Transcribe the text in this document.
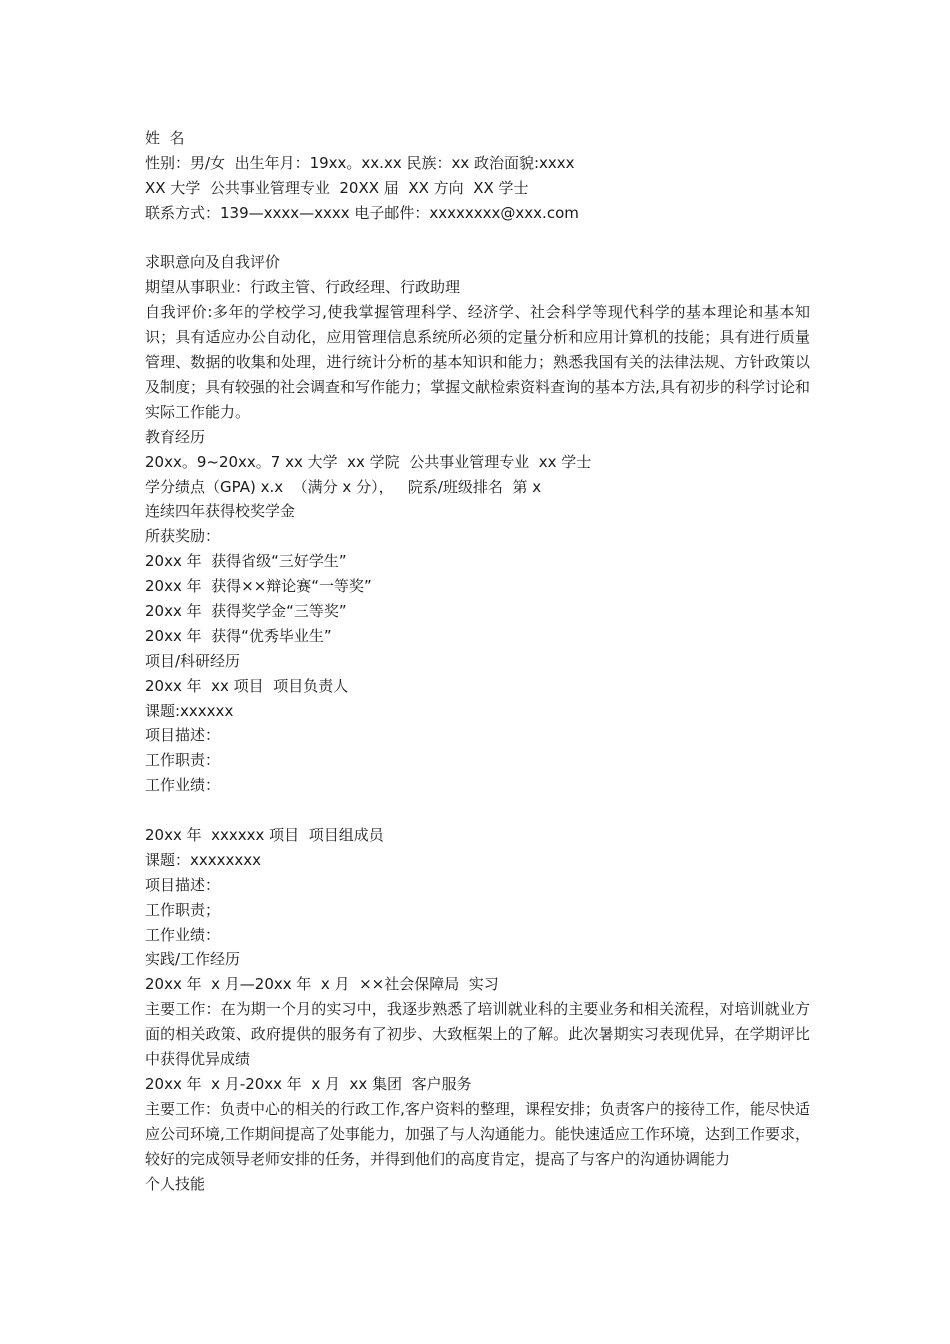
姓  名
性别：男/女  出生年月：19xx。xx.xx 民族：xx 政治面貌:xxxx
XX 大学  公共事业管理专业  20XX 届  XX 方向  XX 学士
联系方式：139—xxxx—xxxx 电子邮件：xxxxxxxx@xxx.com
求职意向及自我评价
期望从事职业：行政主管、行政经理、行政助理
自我评价:多年的学校学习,使我掌握管理科学、经济学、社会科学等现代科学的基本理论和基本知识；具有适应办公自动化，应用管理信息系统所必须的定量分析和应用计算机的技能；具有进行质量管理、数据的收集和处理，进行统计分析的基本知识和能力；熟悉我国有关的法律法规、方针政策以及制度；具有较强的社会调查和写作能力；掌握文献检索资料查询的基本方法,具有初步的科学讨论和实际工作能力。
教育经历
20xx。9~20xx。7 xx 大学  xx 学院  公共事业管理专业  xx 学士
学分绩点（GPA) x.x  （满分 x 分），   院系/班级排名  第 x
连续四年获得校奖学金
所获奖励：
20xx 年  获得省级“三好学生”
20xx 年  获得××辩论赛“一等奖”
20xx 年  获得奖学金“三等奖”
20xx 年  获得“优秀毕业生”
项目/科研经历
20xx 年  xx 项目  项目负责人
课题:xxxxxx
项目描述：
工作职责：
工作业绩：
20xx 年  xxxxxx 项目  项目组成员
课题：xxxxxxxx
项目描述：
工作职责；
工作业绩：
实践/工作经历
20xx 年  x 月—20xx 年  x 月  ××社会保障局  实习
主要工作：在为期一个月的实习中，我逐步熟悉了培训就业科的主要业务和相关流程，对培训就业方面的相关政策、政府提供的服务有了初步、大致框架上的了解。此次暑期实习表现优异，在学期评比中获得优异成绩
20xx 年  x 月-20xx 年  x 月  xx 集团  客户服务
主要工作：负责中心的相关的行政工作,客户资料的整理，课程安排；负责客户的接待工作，能尽快适应公司环境,工作期间提高了处事能力，加强了与人沟通能力。能快速适应工作环境，达到工作要求，较好的完成领导老师安排的任务，并得到他们的高度肯定，提高了与客户的沟通协调能力
个人技能
